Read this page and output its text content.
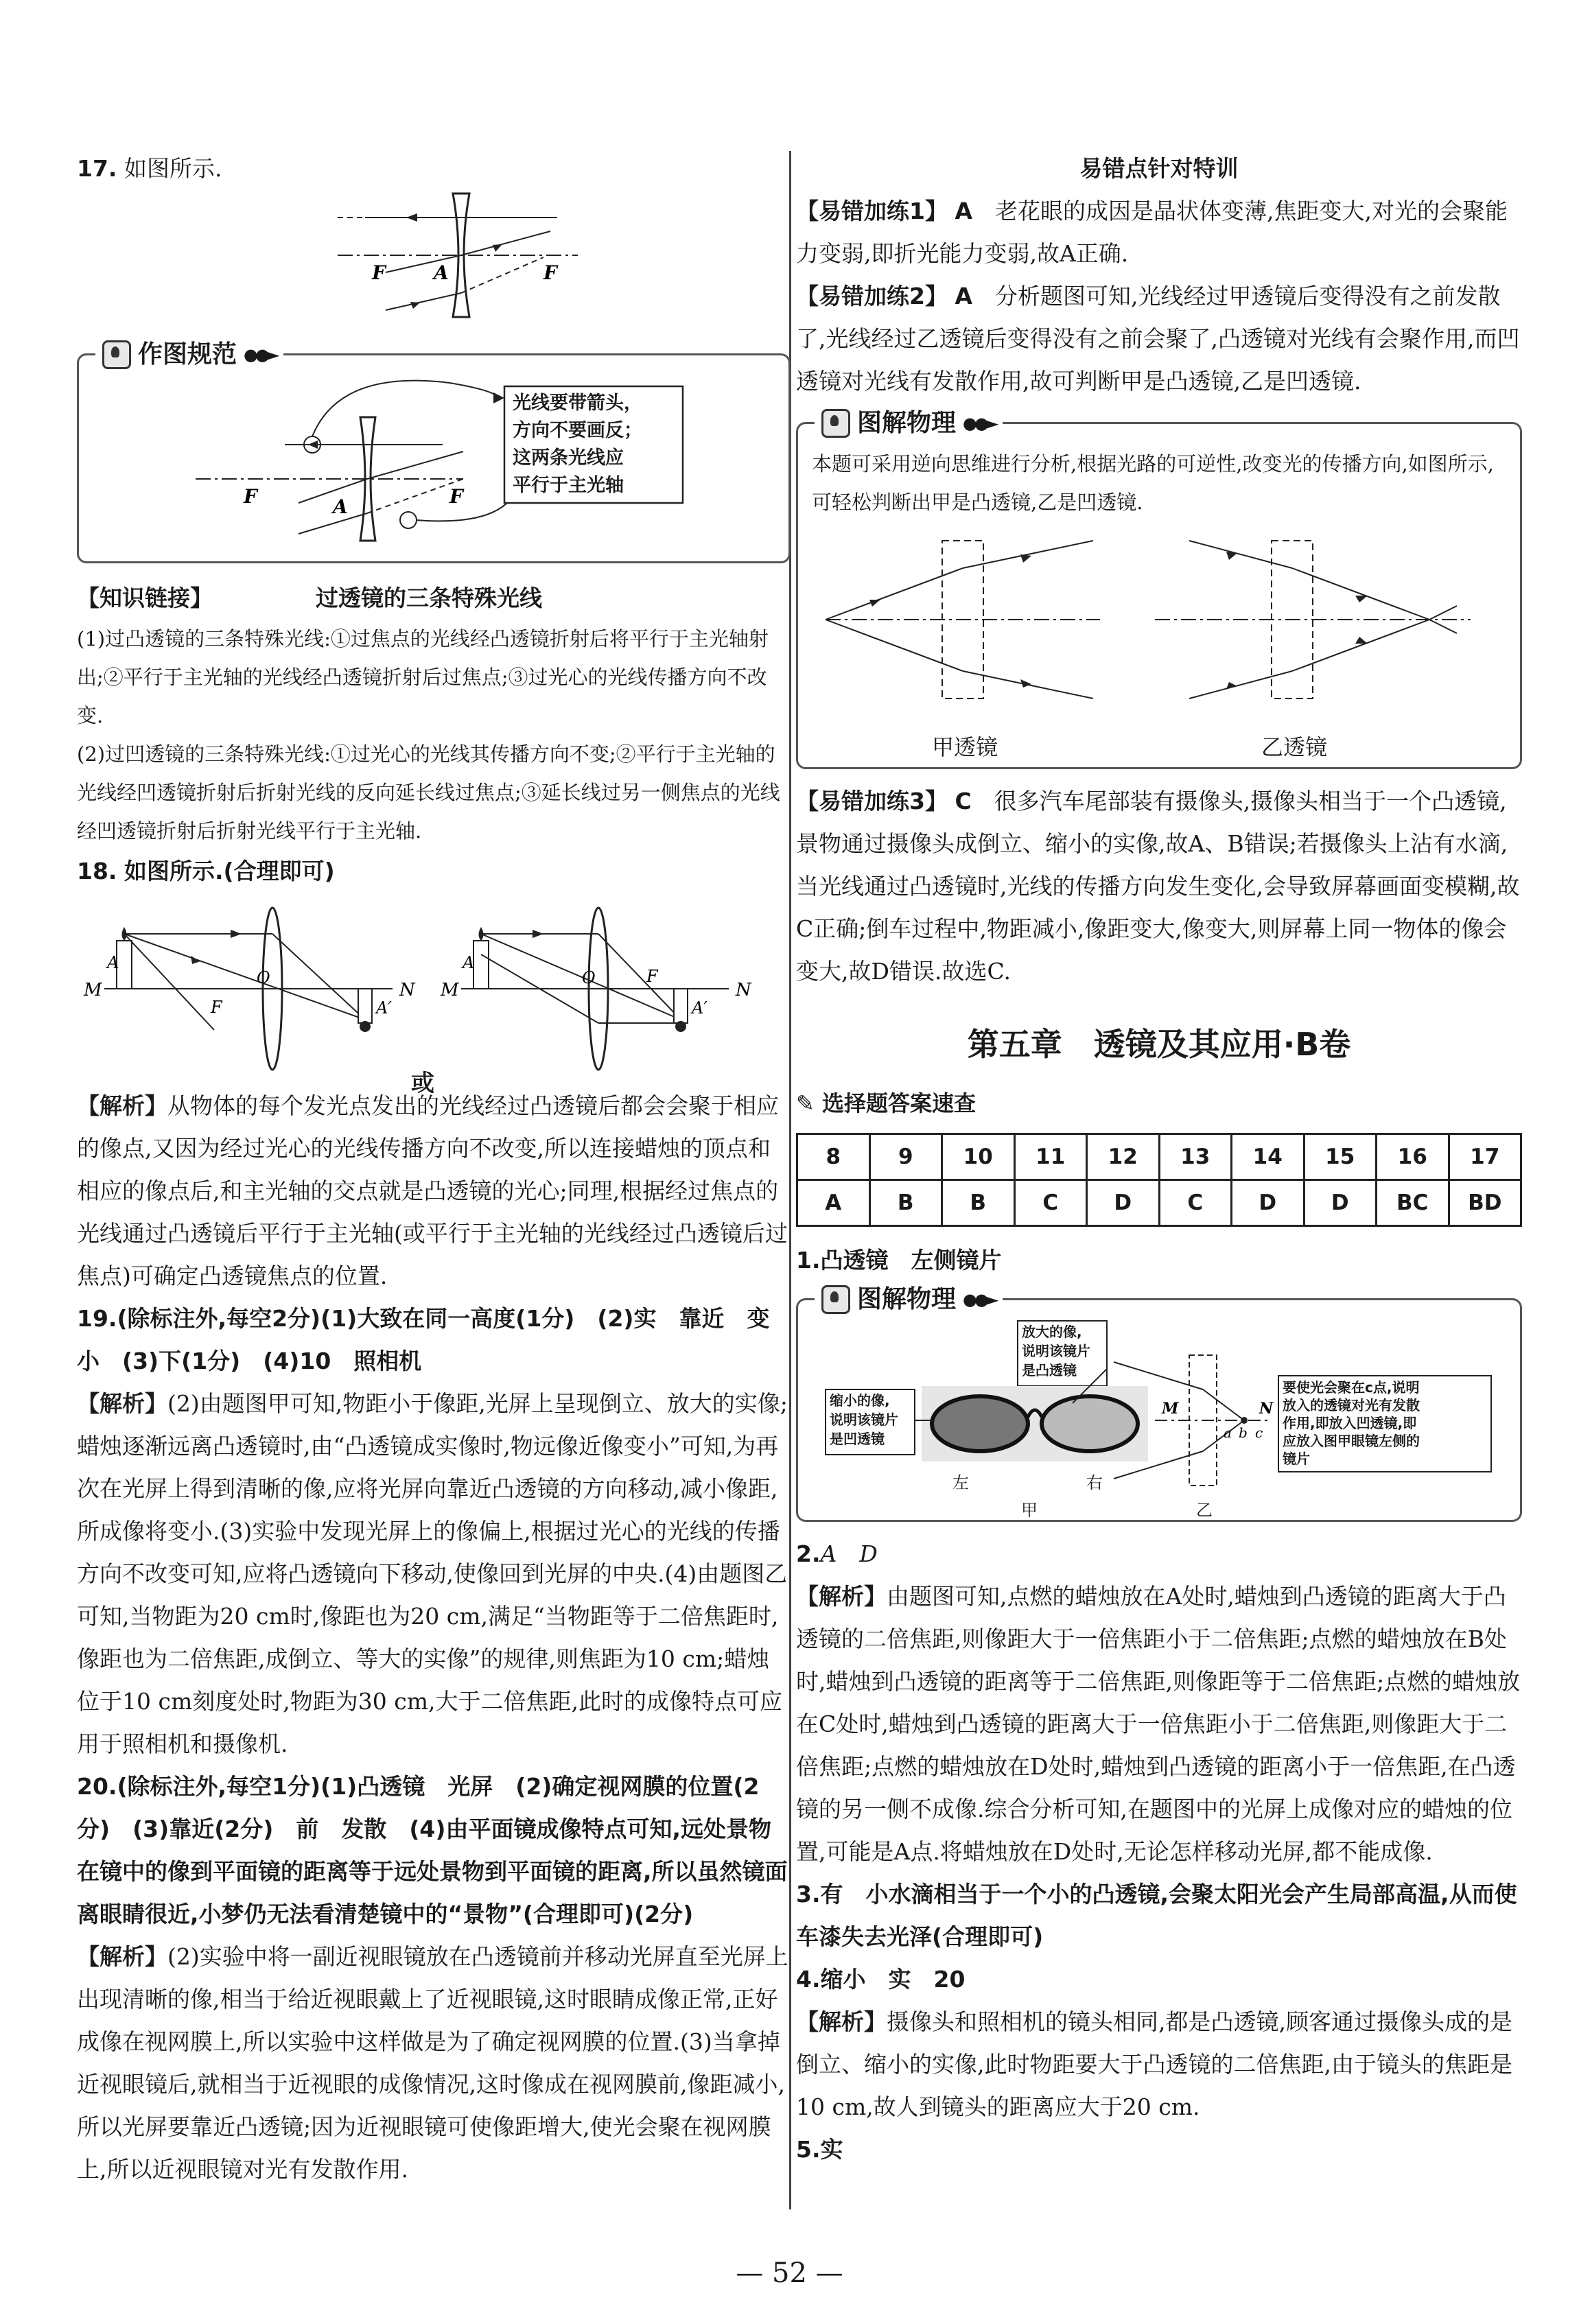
17. 如图所示.

F	A	F
作图规范 ●●►
F	A	F
光线要带箭头，
方向不要画反；
这两条光线应
平行于主光轴

【知识链接】	过透镜的三条特殊光线

(1)过凸透镜的三条特殊光线:①过焦点的光线经凸透镜折射后将平行于主光轴射出;②平行于主光轴的光线经凸透镜折射后过焦点;③过光心的光线传播方向不改变.

(2)过凹透镜的三条特殊光线:①过光心的光线其传播方向不变;②平行于主光轴的光线经凹透镜折射后折射光线的反向延长线过焦点;③延长线过另一侧焦点的光线经凹透镜折射后折射光线平行于主光轴.

18. 如图所示.(合理即可)

M
A
O
F	A′
N M
A
O	F
A′
N
或

【解析】从物体的每个发光点发出的光线经过凸透镜后都会会聚于相应的像点,又因为经过光心的光线传播方向不改变,所以连接蜡烛的顶点和相应的像点后,和主光轴的交点就是凸透镜的光心;同理,根据经过焦点的光线通过凸透镜后平行于主光轴(或平行于主光轴的光线经过凸透镜后过焦点)可确定凸透镜焦点的位置.

19.(除标注外,每空2分)(1)大致在同一高度(1分)　(2)实　靠近　变小　(3)下(1分)　(4)10　照相机

【解析】(2)由题图甲可知,物距小于像距,光屏上呈现倒立、放大的实像;蜡烛逐渐远离凸透镜时,由“凸透镜成实像时,物远像近像变小”可知,为再次在光屏上得到清晰的像,应将光屏向靠近凸透镜的方向移动,减小像距,所成像将变小.(3)实验中发现光屏上的像偏上,根据过光心的光线的传播方向不改变可知,应将凸透镜向下移动,使像回到光屏的中央.(4)由题图乙可知,当物距为20 cm时,像距也为20 cm,满足“当物距等于二倍焦距时,像距也为二倍焦距,成倒立、等大的实像”的规律,则焦距为10 cm;蜡烛位于10 cm刻度处时,物距为30 cm,大于二倍焦距,此时的成像特点可应用于照相机和摄像机.

20.(除标注外,每空1分)(1)凸透镜　光屏　(2)确定视网膜的位置(2分)　(3)靠近(2分)　前　发散　(4)由平面镜成像特点可知,远处景物在镜中的像到平面镜的距离等于远处景物到平面镜的距离,所以虽然镜面离眼睛很近,小梦仍无法看清楚镜中的“景物”(合理即可)(2分)

【解析】(2)实验中将一副近视眼镜放在凸透镜前并移动光屏直至光屏上出现清晰的像,相当于给近视眼戴上了近视眼镜,这时眼睛成像正常,正好成像在视网膜上,所以实验中这样做是为了确定视网膜的位置.(3)当拿掉近视眼镜后,就相当于近视眼的成像情况,这时像成在视网膜前,像距减小,所以光屏要靠近凸透镜;因为近视眼镜可使像距增大,使光会聚在视网膜上,所以近视眼镜对光有发散作用.

易错点针对特训

【易错加练1】 A　 老花眼的成因是晶状体变薄,焦距变大,对光的会聚能力变弱,即折光能力变弱,故A正确.

【易错加练2】 A　 分析题图可知,光线经过甲透镜后变得没有之前发散了,光线经过乙透镜后变得没有之前会聚了,凸透镜对光线有会聚作用,而凹透镜对光线有发散作用,故可判断甲是凸透镜,乙是凹透镜.

图解物理 ●●►

本题可采用逆向思维进行分析,根据光路的可逆性,改变光的传播方向,如图所示,可轻松判断出甲是凸透镜,乙是凹透镜.

甲透镜	乙透镜

【易错加练3】 C　 很多汽车尾部装有摄像头,摄像头相当于一个凸透镜,景物通过摄像头成倒立、缩小的实像,故A、B错误;若摄像头上沾有水滴,当光线通过凸透镜时,光线的传播方向发生变化,会导致屏幕画面变模糊,故C正确;倒车过程中,物距减小,像距变大,像变大,则屏幕上同一物体的像会变大,故D错误.故选C.

第五章　透镜及其应用·B卷

✎ 选择题答案速查

8	9	10	11	12	13	14	15	16	17
A	B	B	C	D	C	D	D	BC	BD

1.凸透镜　左侧镜片

图解物理 ●●►
M
a b c
N
缩小的像,
说明该镜片
是凹透镜
放大的像,
说明该镜片
是凸透镜
要使光会聚在c点,说明
放入的透镜对光有发散
作用,即放入凹透镜,即
应放入图甲眼镜左侧的
镜片
左	右
甲	乙

2.A　D

【解析】由题图可知,点燃的蜡烛放在A处时,蜡烛到凸透镜的距离大于凸透镜的二倍焦距,则像距大于一倍焦距小于二倍焦距;点燃的蜡烛放在B处时,蜡烛到凸透镜的距离等于二倍焦距,则像距等于二倍焦距;点燃的蜡烛放在C处时,蜡烛到凸透镜的距离大于一倍焦距小于二倍焦距,则像距大于二倍焦距;点燃的蜡烛放在D处时,蜡烛到凸透镜的距离小于一倍焦距,在凸透镜的另一侧不成像.综合分析可知,在题图中的光屏上成像对应的蜡烛的位置,可能是A点.将蜡烛放在D处时,无论怎样移动光屏,都不能成像.

3.有　小水滴相当于一个小的凸透镜,会聚太阳光会产生局部高温,从而使车漆失去光泽(合理即可)

4.缩小　实　20

【解析】摄像头和照相机的镜头相同,都是凸透镜,顾客通过摄像头成的是倒立、缩小的实像,此时物距要大于凸透镜的二倍焦距,由于镜头的焦距是10 cm,故人到镜头的距离应大于20 cm.

5.实

— 52 —
